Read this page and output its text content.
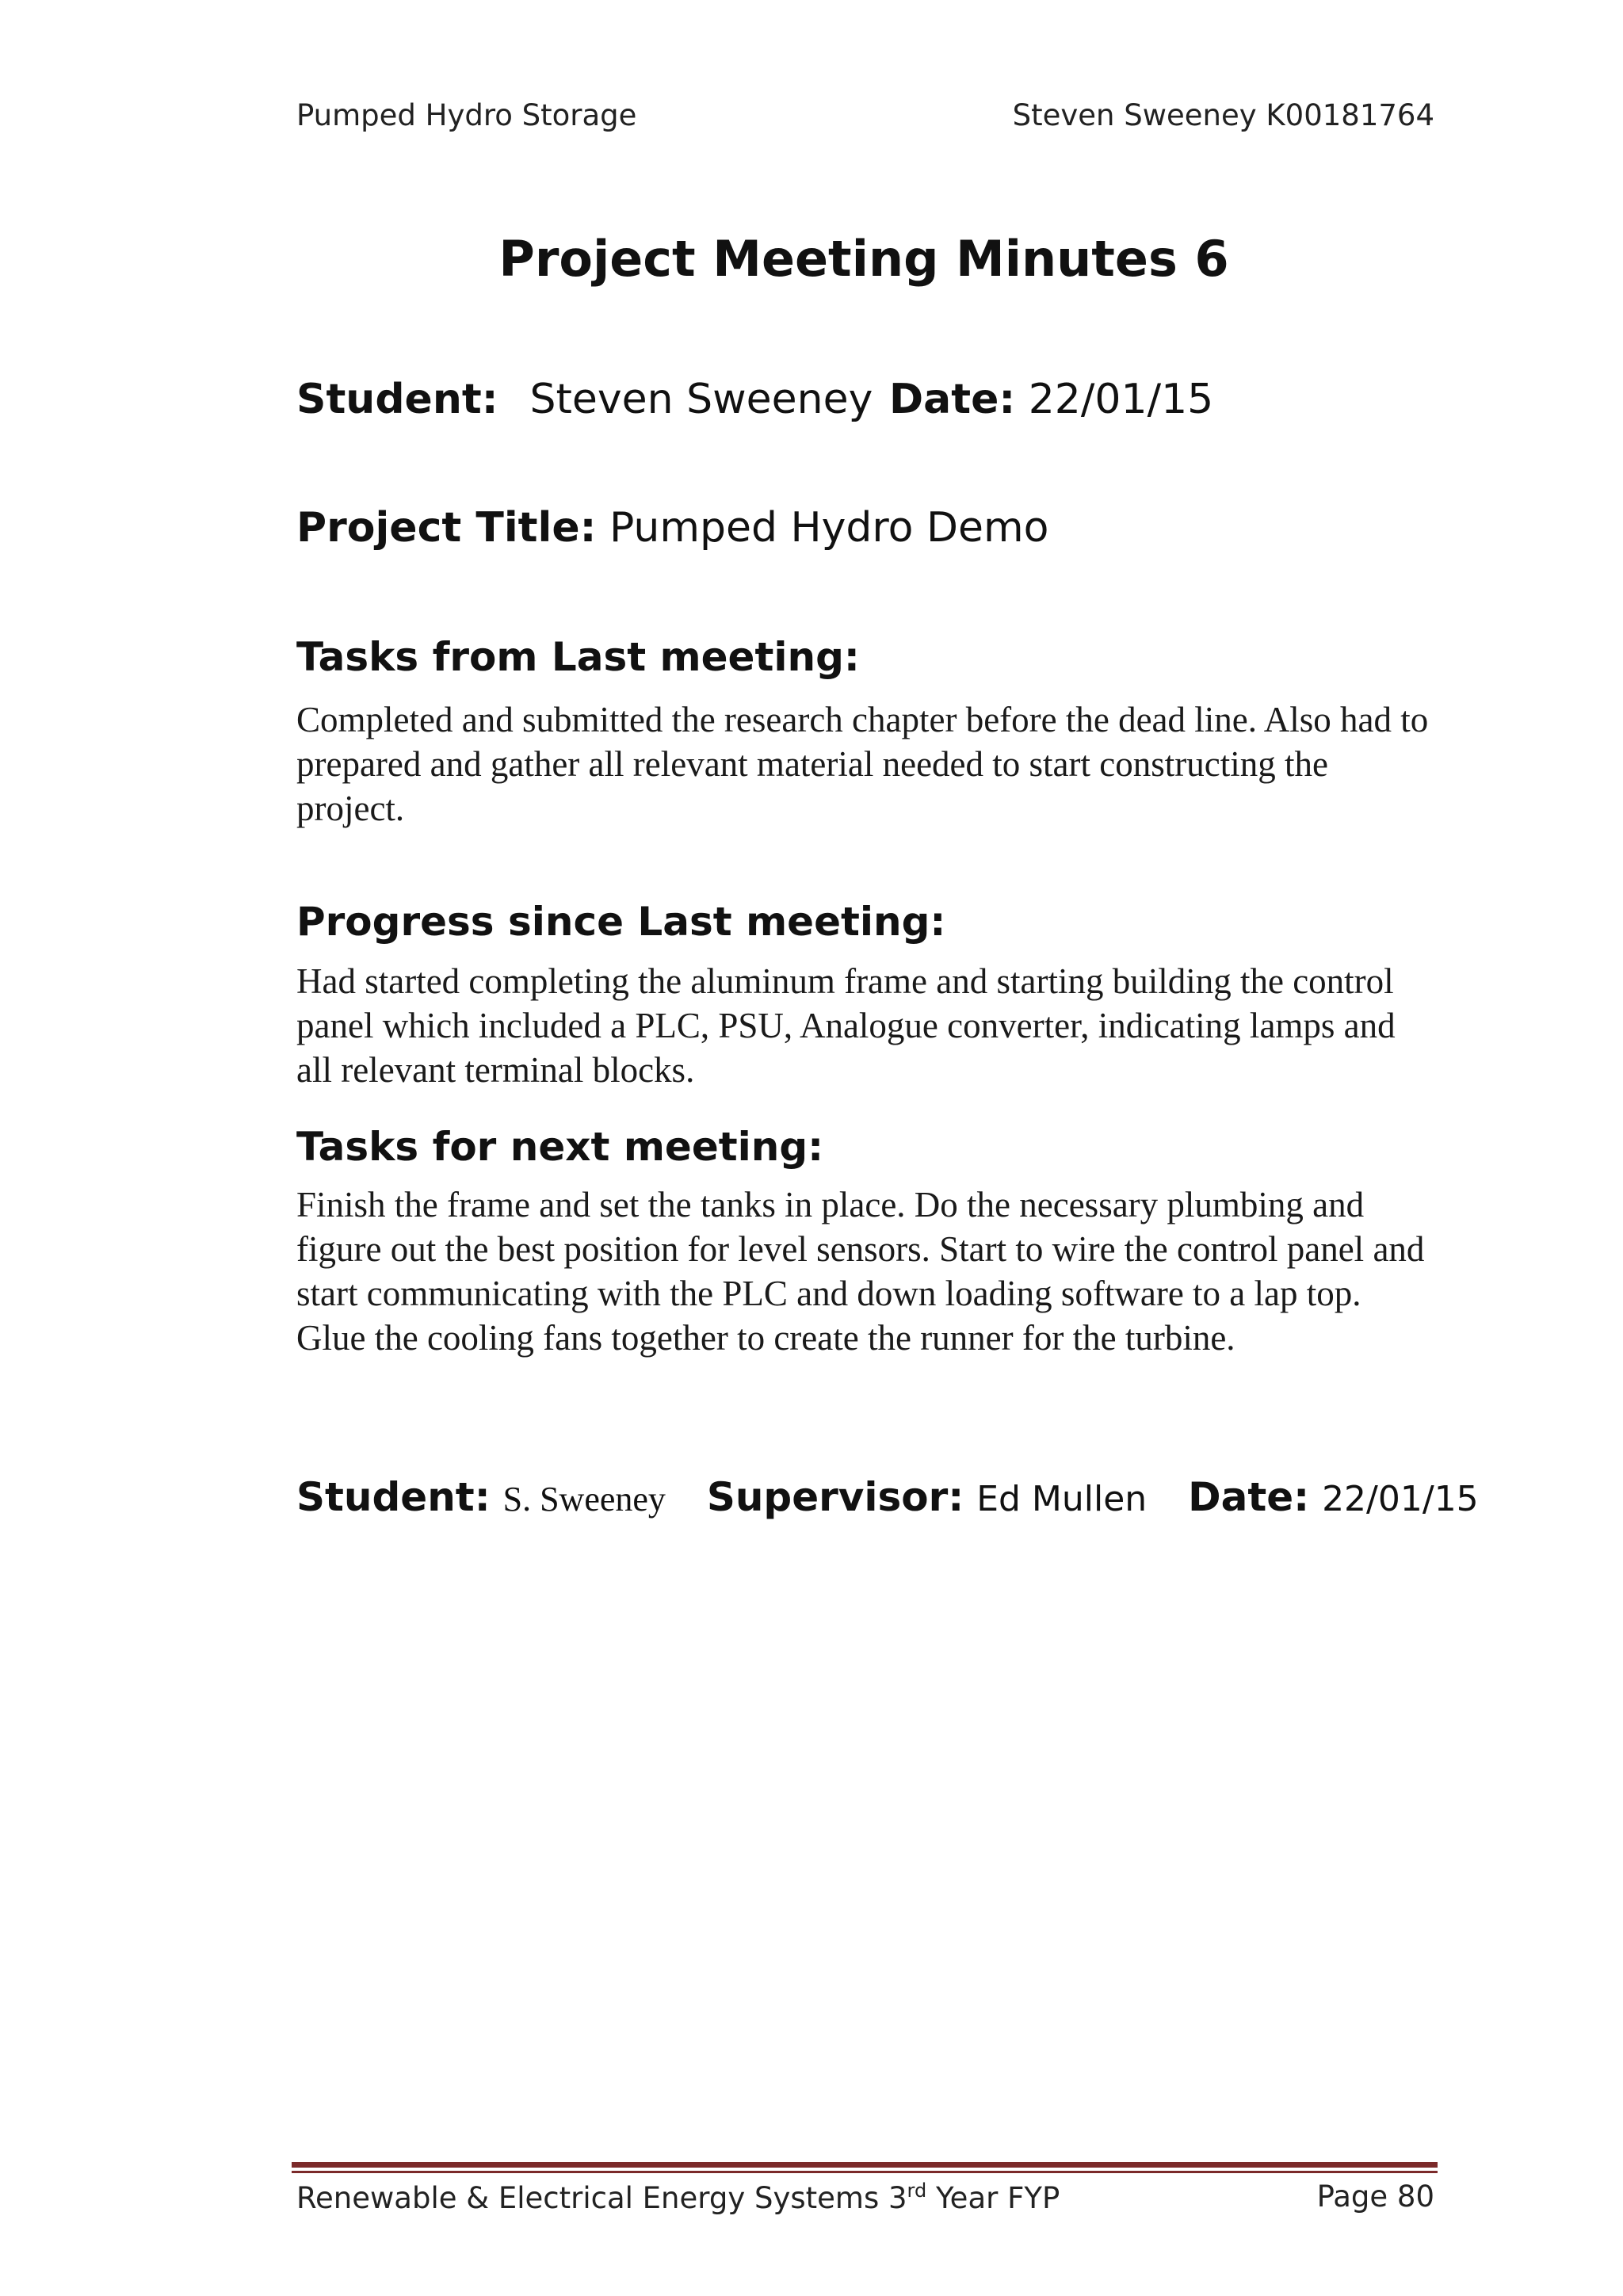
Pumped Hydro Storage	Steven Sweeney K00181764
Project Meeting Minutes 6
Student: Steven Sweeney Date: 22/01/15
Project Title: Pumped Hydro Demo
Tasks from Last meeting:
Completed and submitted the research chapter before the dead line. Also had to prepared and gather all relevant material needed to start constructing the project.
Progress since Last meeting:
Had started completing the aluminum frame and starting building the control panel which included a PLC, PSU, Analogue converter, indicating lamps and all relevant terminal blocks.
Tasks for next meeting:
Finish the frame and set the tanks in place. Do the necessary plumbing and figure out the best position for level sensors. Start to wire the control panel and start communicating with the PLC and down loading software to a lap top. Glue the cooling fans together to create the runner for the turbine.
Student: S. Sweeney Supervisor: Ed Mullen Date: 22/01/15
Renewable & Electrical Energy Systems 3rd Year FYP	Page 80
